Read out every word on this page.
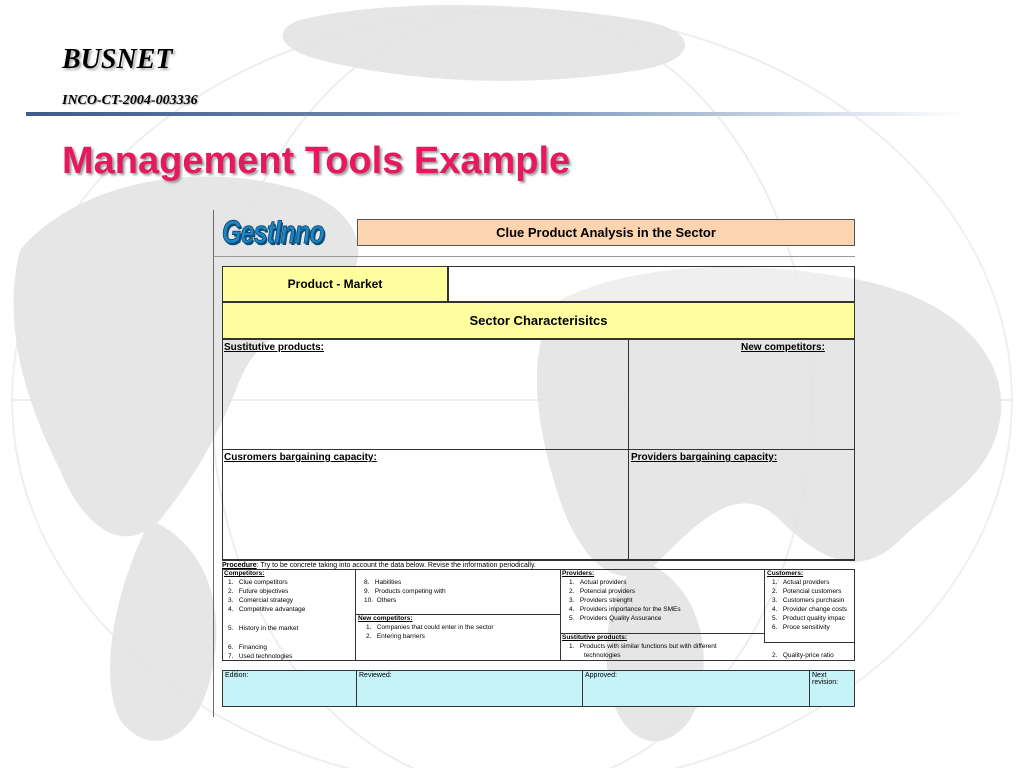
BUSNET
INCO-CT-2004-003336
Management Tools Example
GestInno	Clue Product Analysis in the Sector
Product - Market
Sector Characterisitcs
Sustitutive products:	New competitors:
Cusromers bargaining capacity:	Providers bargaining capacity:
Procedure: Try to be concrete taking into account the data below. Revise the information periodically.
Competitors:
1. Clue competitors
2. Future objectives
3. Comercial strategy
4. Competitive advantage
5. History in the market
6. Financing
7. Used technologies
8. Habilities
9. Products competing with
10. Others
New competitors:
1. Companies that could enter in the sector
2. Entering barriers
Providers:
1. Actual providers
2. Potencial providers
3. Providers strenght
4. Providers importance for the SMEs
5. Providers Quality Assurance
Sustitutive products:
1. Products with similar functions but with different
technologies
Customers:
1. Actual providers
2. Potencial customers
3. Customers purchasin
4. Provider change costs
5. Product quality impac
6. Proce sensitivity
2. Quality-price ratio
Edition:	Reviewed:	Approved:	Next revision:
